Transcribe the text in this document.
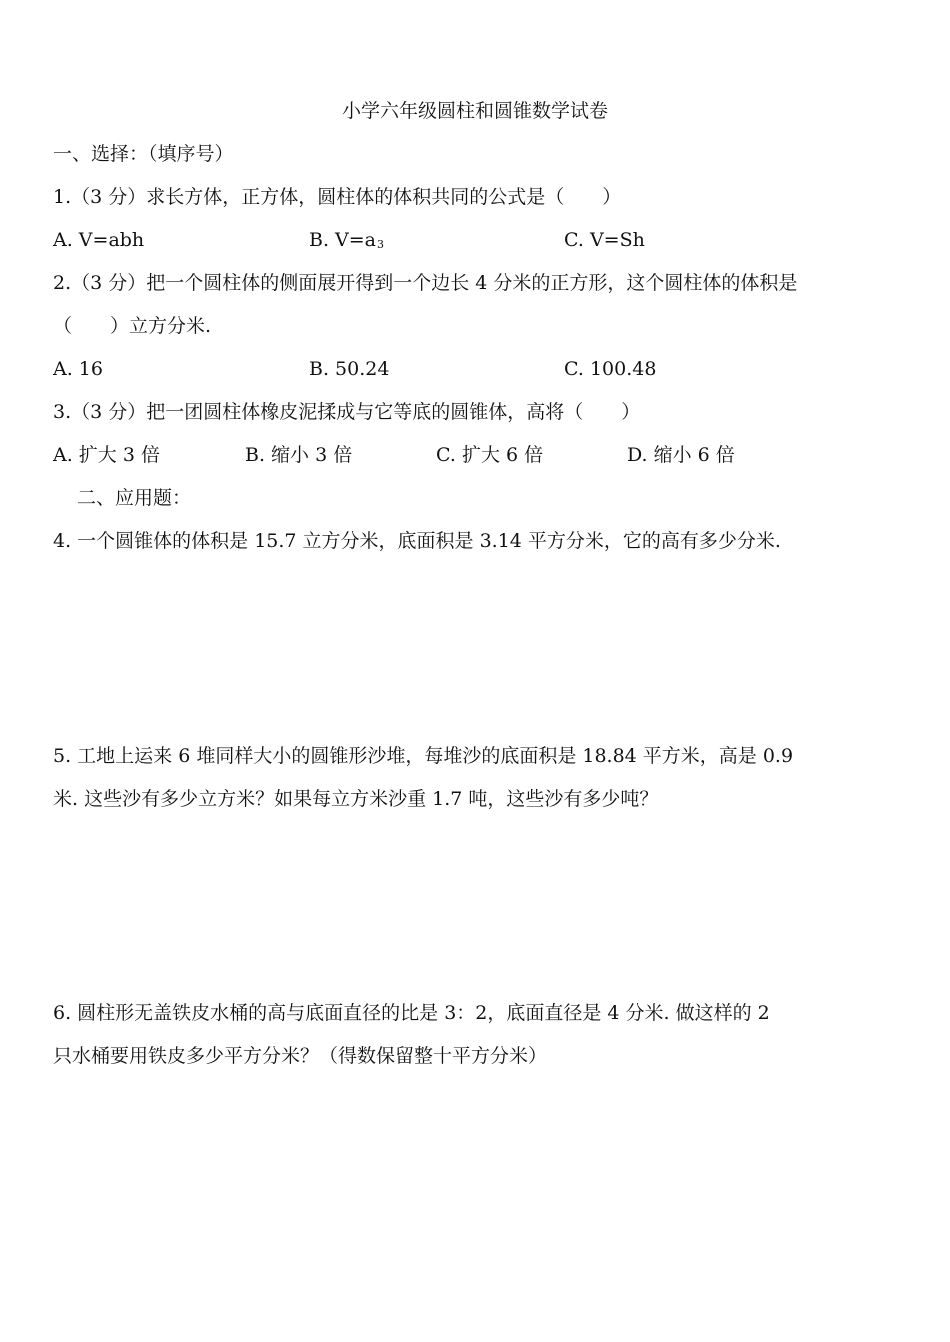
小学六年级圆柱和圆锥数学试卷
一、选择：（填序号）
1.（3 分）求长方体，正方体，圆柱体的体积共同的公式是（　　）
A. V=abh	B. V=a3	C. V=Sh
2.（3 分）把一个圆柱体的侧面展开得到一个边长 4 分米的正方形，这个圆柱体的体积是
（　　）立方分米.
A. 16	B. 50.24	C. 100.48
3.（3 分）把一团圆柱体橡皮泥揉成与它等底的圆锥体，高将（　　）
A. 扩大 3 倍	B. 缩小 3 倍	C. 扩大 6 倍	D. 缩小 6 倍
二、应用题：
4. 一个圆锥体的体积是 15.7 立方分米，底面积是 3.14 平方分米，它的高有多少分米.
5. 工地上运来 6 堆同样大小的圆锥形沙堆，每堆沙的底面积是 18.84 平方米，高是 0.9
米. 这些沙有多少立方米？如果每立方米沙重 1.7 吨，这些沙有多少吨？
6. 圆柱形无盖铁皮水桶的高与底面直径的比是 3：2，底面直径是 4 分米. 做这样的 2
只水桶要用铁皮多少平方分米？（得数保留整十平方分米）
